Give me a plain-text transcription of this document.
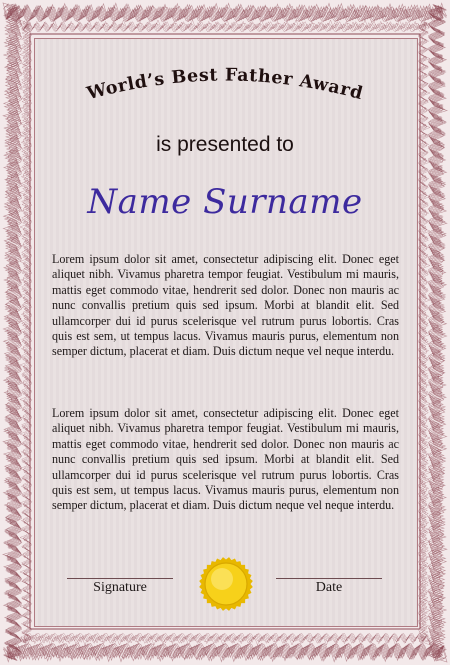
World’s Best Father Award
is presented to
Name Surname

Lorem ipsum dolor sit amet, consectetur adipiscing elit. Donec eget aliquet nibh. Vivamus pharetra tempor feugiat. Vestibulum mi mauris, mattis eget commodo vitae, hendrerit sed dolor. Donec non mauris ac nunc convallis pretium quis sed ipsum. Morbi at blandit elit. Sed ullamcorper dui id purus scelerisque vel rutrum purus lobortis. Cras quis est sem, ut tempus lacus. Vivamus mauris purus, elementum non semper dictum, placerat et diam. Duis dictum neque vel neque interdu.

Lorem ipsum dolor sit amet, consectetur adipiscing elit. Donec eget aliquet nibh. Vivamus pharetra tempor feugiat. Vestibulum mi mauris, mattis eget commodo vitae, hendrerit sed dolor. Donec non mauris ac nunc convallis pretium quis sed ipsum. Morbi at blandit elit. Sed ullamcorper dui id purus scelerisque vel rutrum purus lobortis. Cras quis est sem, ut tempus lacus. Vivamus mauris purus, elementum non semper dictum, placerat et diam. Duis dictum neque vel neque interdu.

Signature	Date
